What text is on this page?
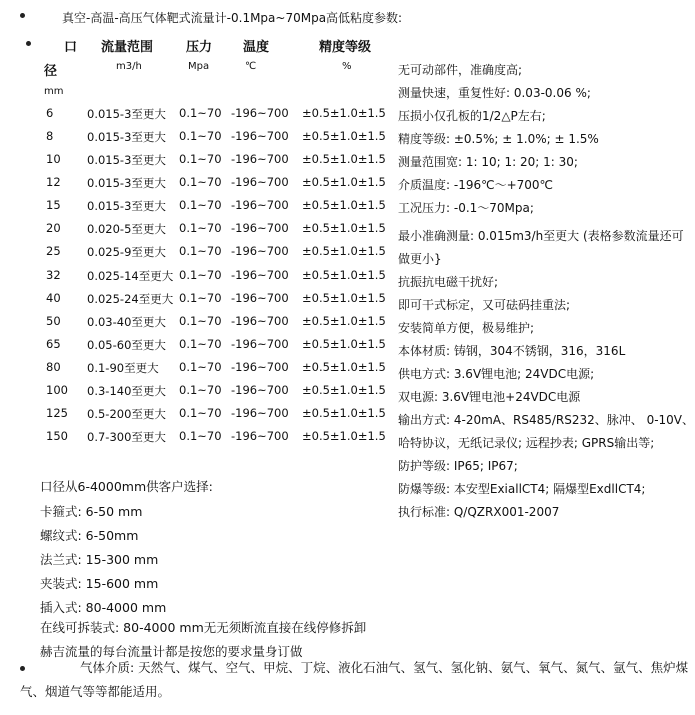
真空-高温-高压气体靶式流量计-0.1Mpa~70Mpa高低粘度参数:
口
径
mm
流量范围
m3/h
压力
Mpa
温度
℃
精度等级
%
6	0.015-3至更大 0.1~70 -196~700 ±0.5±1.0±1.5
8	0.015-3至更大 0.1~70 -196~700 ±0.5±1.0±1.5
10 0.015-3至更大 0.1~70 -196~700 ±0.5±1.0±1.5
12 0.015-3至更大 0.1~70 -196~700 ±0.5±1.0±1.5
15 0.015-3至更大 0.1~70 -196~700 ±0.5±1.0±1.5
20 0.020-5至更大 0.1~70 -196~700 ±0.5±1.0±1.5
25 0.025-9至更大 0.1~70 -196~700 ±0.5±1.0±1.5
32 0.025-14至更大 0.1~70 -196~700 ±0.5±1.0±1.5
40 0.025-24至更大 0.1~70 -196~700 ±0.5±1.0±1.5
50 0.03-40至更大 0.1~70 -196~700 ±0.5±1.0±1.5
65 0.05-60至更大 0.1~70 -196~700 ±0.5±1.0±1.5
80 0.1-90至更大 0.1~70 -196~700 ±0.5±1.0±1.5
100 0.3-140至更大 0.1~70 -196~700 ±0.5±1.0±1.5
125 0.5-200至更大 0.1~70 -196~700 ±0.5±1.0±1.5
150 0.7-300至更大 0.1~70 -196~700 ±0.5±1.0±1.5
无可动部件，准确度高;
测量快速，重复性好: 0.03-0.06 %;
压损小仅孔板的1/2△P左右;
精度等级: ±0.5%; ± 1.0%; ± 1.5%
测量范围宽: 1: 10; 1: 20; 1: 30;
介质温度: -196℃～+700℃
工况压力: -0.1～70Mpa;
最小准确测量: 0.015m3/h至更大 (表格参数流量还可
做更小}
抗振抗电磁干扰好;
即可干式标定，又可砝码挂重法;
安装简单方便，极易维护;
本体材质: 铸钢，304不锈钢，316，316L
供电方式: 3.6V锂电池; 24VDC电源;
双电源: 3.6V锂电池+24VDC电源
输出方式: 4-20mA、RS485/RS232、脉冲、 0-10V、
哈特协议，无纸记录仪; 远程抄表; GPRS输出等;
防护等级: IP65; IP67;
防爆等级: 本安型ExiallCT4; 隔爆型ExdllCT4;
执行标准: Q/QZRX001-2007
口径从6-4000mm供客户选择:
卡箍式: 6-50 mm
螺纹式: 6-50mm
法兰式: 15-300 mm
夹装式: 15-600 mm
插入式: 80-4000 mm
在线可拆装式: 80-4000 mm无无须断流直接在线停修拆卸
赫吉流量的每台流量计都是按您的要求量身订做
气体介质: 天然气、煤气、空气、甲烷、丁烷、液化石油气、氢气、氢化钠、氨气、氧气、氮气、氩气、焦炉煤气、烟道气等等都能适用。
